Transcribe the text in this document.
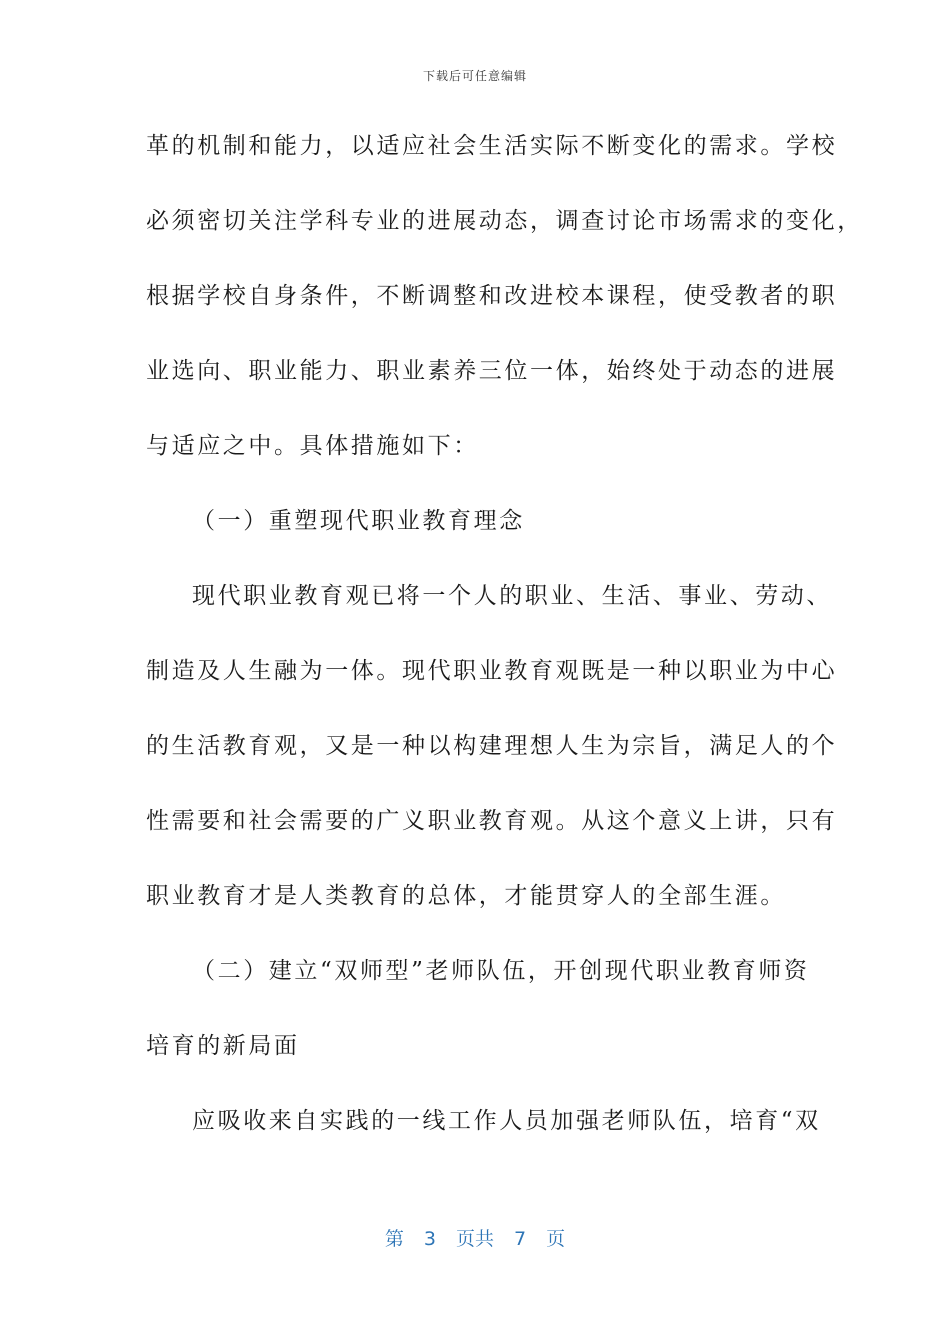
下载后可任意编辑
革的机制和能力，以适应社会生活实际不断变化的需求。学校
必须密切关注学科专业的进展动态，调查讨论市场需求的变化，
根据学校自身条件，不断调整和改进校本课程，使受教者的职
业选向、职业能力、职业素养三位一体，始终处于动态的进展
与适应之中。具体措施如下：
（一）重塑现代职业教育理念
现代职业教育观已将一个人的职业、生活、事业、劳动、
制造及人生融为一体。现代职业教育观既是一种以职业为中心
的生活教育观，又是一种以构建理想人生为宗旨，满足人的个
性需要和社会需要的广义职业教育观。从这个意义上讲，只有
职业教育才是人类教育的总体，才能贯穿人的全部生涯。
（二）建立“双师型”老师队伍，开创现代职业教育师资
培育的新局面
应吸收来自实践的一线工作人员加强老师队伍，培育“双
第 3 页共 7 页
